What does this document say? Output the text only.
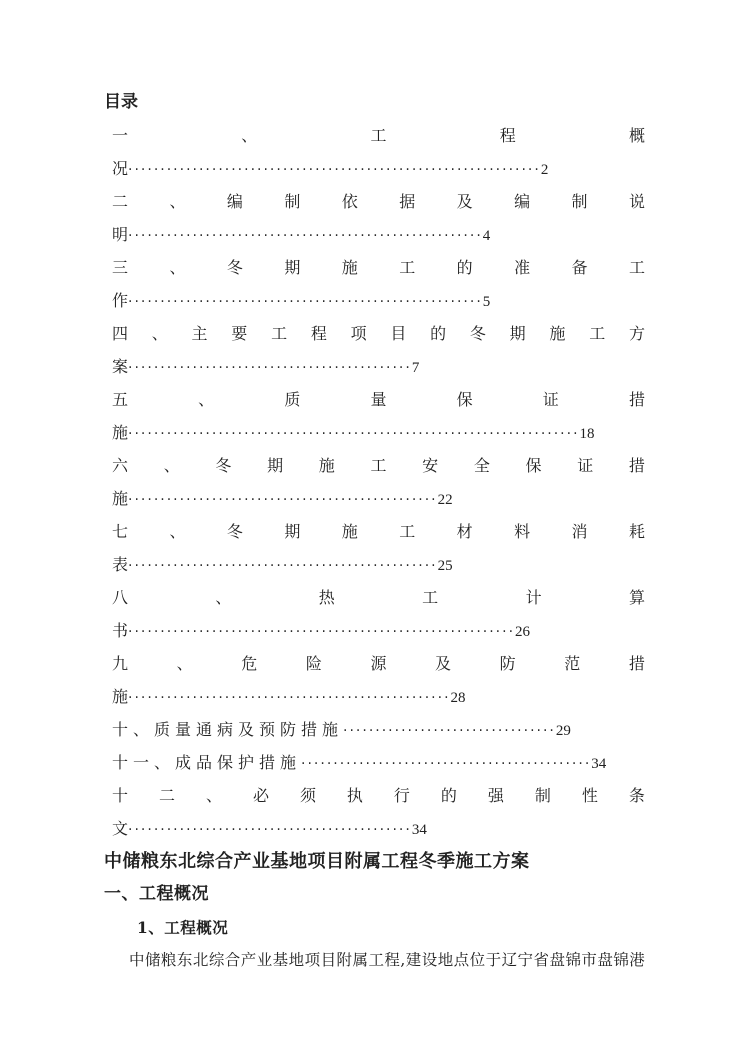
目录
一	、	工	程	概
况································································2
二	、	编	制	依	据	及	编	制	说
明·······················································4
三	、	冬	期	施	工	的	准	备	工
作·······················································5
四 、 主 要 工 程 项 目 的 冬 期 施 工 方
案············································7
五	、	质	量	保	证	措
施······································································18
六 、 冬 期 施 工 安 全 保 证 措
施················································22
七	、	冬	期	施	工	材	料	消	耗
表················································25
八	、	热	工	计	算
书····························································26
九	、	危	险	源	及	防	范	措
施··················································28
十、质量通病及预防措施·································29
十一、成品保护措施·············································34
十 二 、 必 须 执 行 的 强 制 性 条
文············································34
中储粮东北综合产业基地项目附属工程冬季施工方案
一、工程概况
1、工程概况

中储粮东北综合产业基地项目附属工程,建设地点位于辽宁省盘锦市盘锦港
